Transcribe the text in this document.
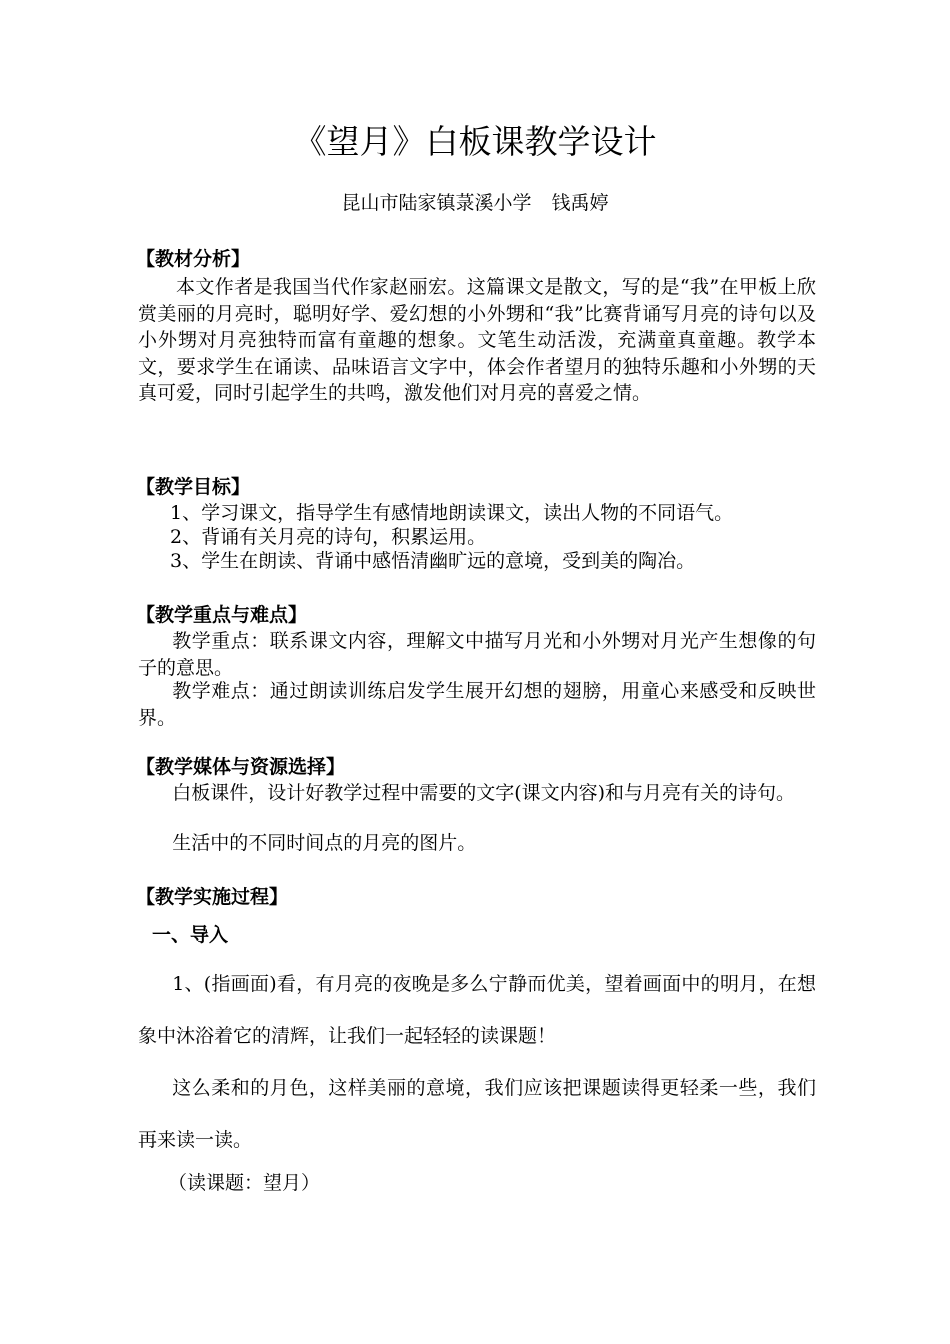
《望月》白板课教学设计
昆山市陆家镇菉溪小学 钱禹婷
【教材分析】

本文作者是我国当代作家赵丽宏。这篇课文是散文，写的是“我”在甲板上欣赏美丽的月亮时，聪明好学、爱幻想的小外甥和“我”比赛背诵写月亮的诗句以及小外甥对月亮独特而富有童趣的想象。文笔生动活泼，充满童真童趣。教学本文，要求学生在诵读、品味语言文字中，体会作者望月的独特乐趣和小外甥的天真可爱，同时引起学生的共鸣，激发他们对月亮的喜爱之情。

【教学目标】
1、学习课文，指导学生有感情地朗读课文，读出人物的不同语气。
2、背诵有关月亮的诗句，积累运用。
3、学生在朗读、背诵中感悟清幽旷远的意境，受到美的陶冶。
【教学重点与难点】

教学重点：联系课文内容，理解文中描写月光和小外甥对月光产生想像的句子的意思。

教学难点：通过朗读训练启发学生展开幻想的翅膀，用童心来感受和反映世界。

【教学媒体与资源选择】

白板课件，设计好教学过程中需要的文字(课文内容)和与月亮有关的诗句。

生活中的不同时间点的月亮的图片。

【教学实施过程】
一、导入

1、(指画面)看，有月亮的夜晚是多么宁静而优美，望着画面中的明月，在想象中沐浴着它的清辉，让我们一起轻轻的读课题！

这么柔和的月色，这样美丽的意境，我们应该把课题读得更轻柔一些，我们再来读一读。

（读课题：望月）
